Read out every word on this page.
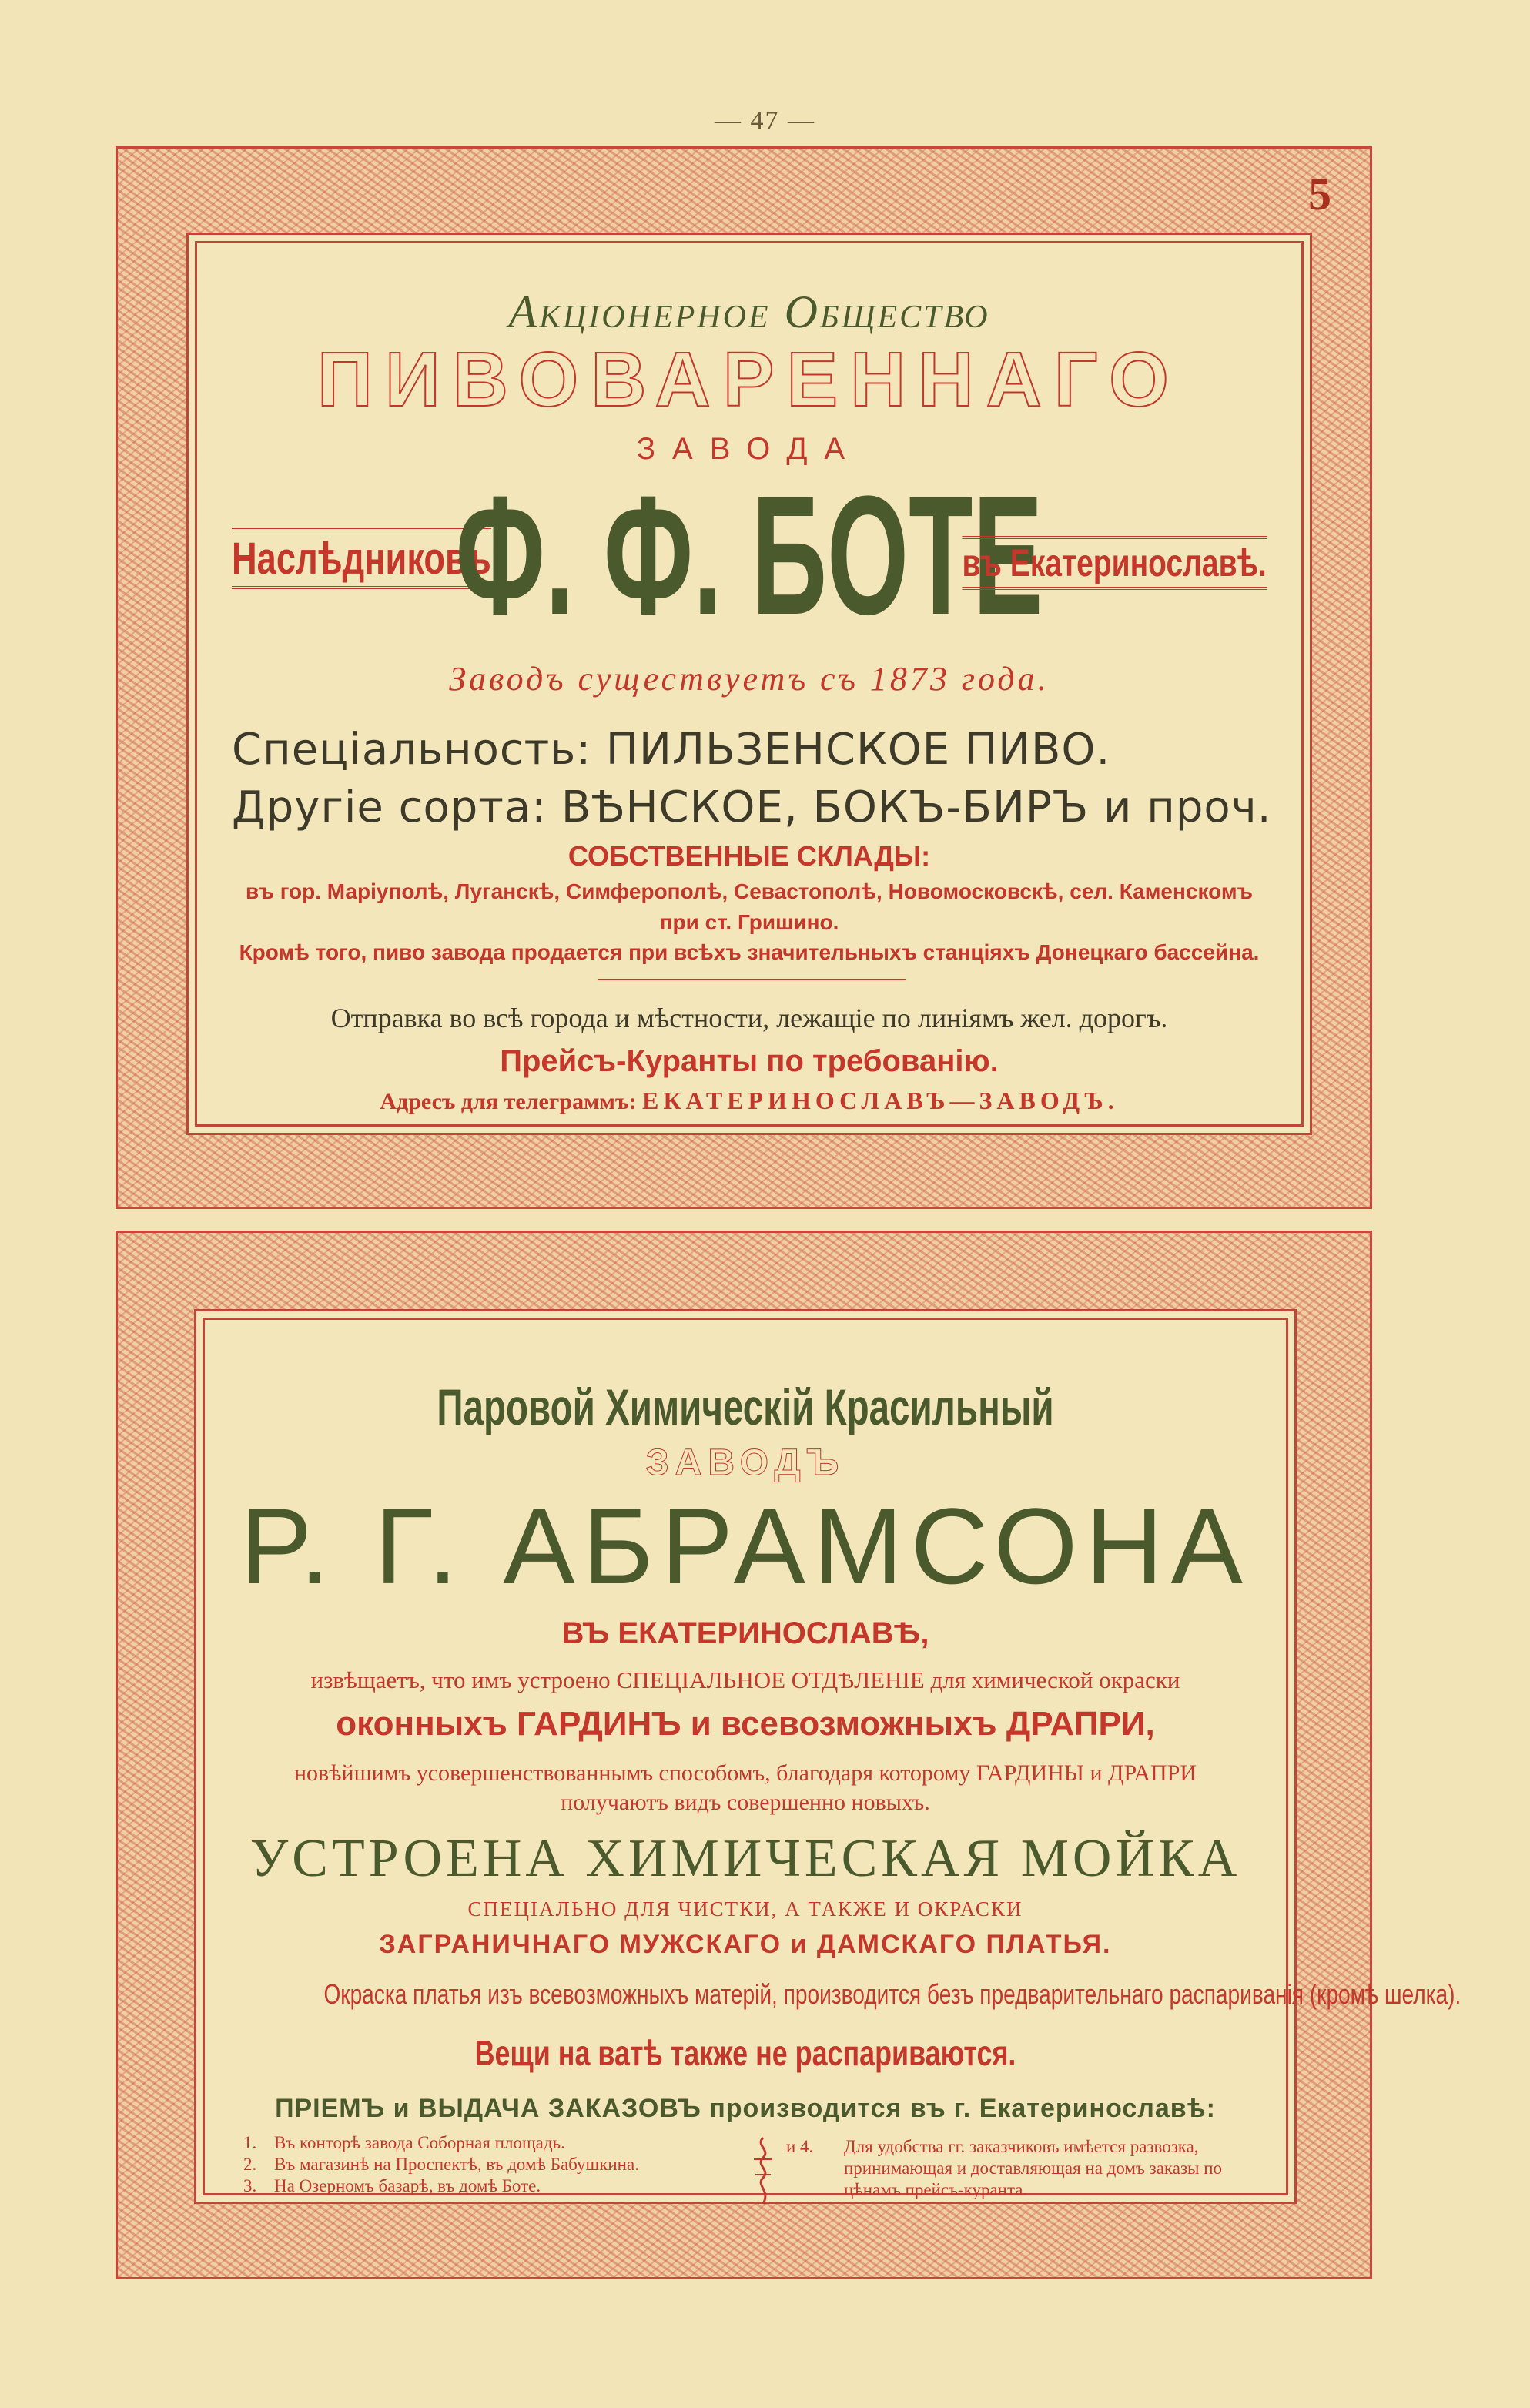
— 47 —
5
Акціонерное Общество
ПИВОВАРЕННАГО
ЗАВОДА
Наслѣдниковъ
Ф. Ф. БОТЕ
въ Екатеринославѣ.
Заводъ существуетъ съ 1873 года.
Спеціальность: ПИЛЬЗЕНСКОЕ ПИВО.
Другіе сорта: ВѢНСКОЕ, БОКЪ-БИРЪ и проч.
СОБСТВЕННЫЕ СКЛАДЫ:
въ гор. Маріуполѣ, Луганскѣ, Симферополѣ, Севастополѣ, Новомосковскѣ, сел. Каменскомъ при ст. Гришино.
Кромѣ того, пиво завода продается при всѣхъ значительныхъ станціяхъ Донецкаго бассейна.
Отправка во всѣ города и мѣстности, лежащіе по линіямъ жел. дорогъ.
Прейсъ-Куранты по требованію.
Адресъ для телеграммъ: ЕКАТЕРИНОСЛАВЪ—ЗАВОДЪ.
Паровой Химическій Красильный
ЗАВОДЪ
Р. Г. АБРАМСОНА
ВЪ ЕКАТЕРИНОСЛАВѢ,
извѣщаетъ, что имъ устроено СПЕЦІАЛЬНОЕ ОТДѢЛЕНІЕ для химической окраски
оконныхъ ГАРДИНЪ и всевозможныхъ ДРАПРИ,
новѣйшимъ усовершенствованнымъ способомъ, благодаря которому ГАРДИНЫ и ДРАПРИ
получаютъ видъ совершенно новыхъ.
УСТРОЕНА ХИМИЧЕСКАЯ МОЙКА
СПЕЦІАЛЬНО ДЛЯ ЧИСТКИ, А ТАКЖЕ И ОКРАСКИ
ЗАГРАНИЧНАГО МУЖСКАГО и ДАМСКАГО ПЛАТЬЯ.
Окраска платья изъ всевозможныхъ матерій, производится безъ предварительнаго распариванія (кромѣ шелка).
Вещи на ватѣ также не распариваются.
ПРІЕМЪ и ВЫДАЧА ЗАКАЗОВЪ производится въ г. Екатеринославѣ:
1. Въ конторѣ завода Соборная площадь.
2. Въ магазинѣ на Проспектѣ, въ домѣ Бабушкина.
3. На Озерномъ базарѣ, въ домѣ Боте.
и 4.	Для удобства гг. заказчиковъ имѣется развозка, принимающая и доставляющая на домъ заказы по цѣнамъ прейсъ-куранта.
